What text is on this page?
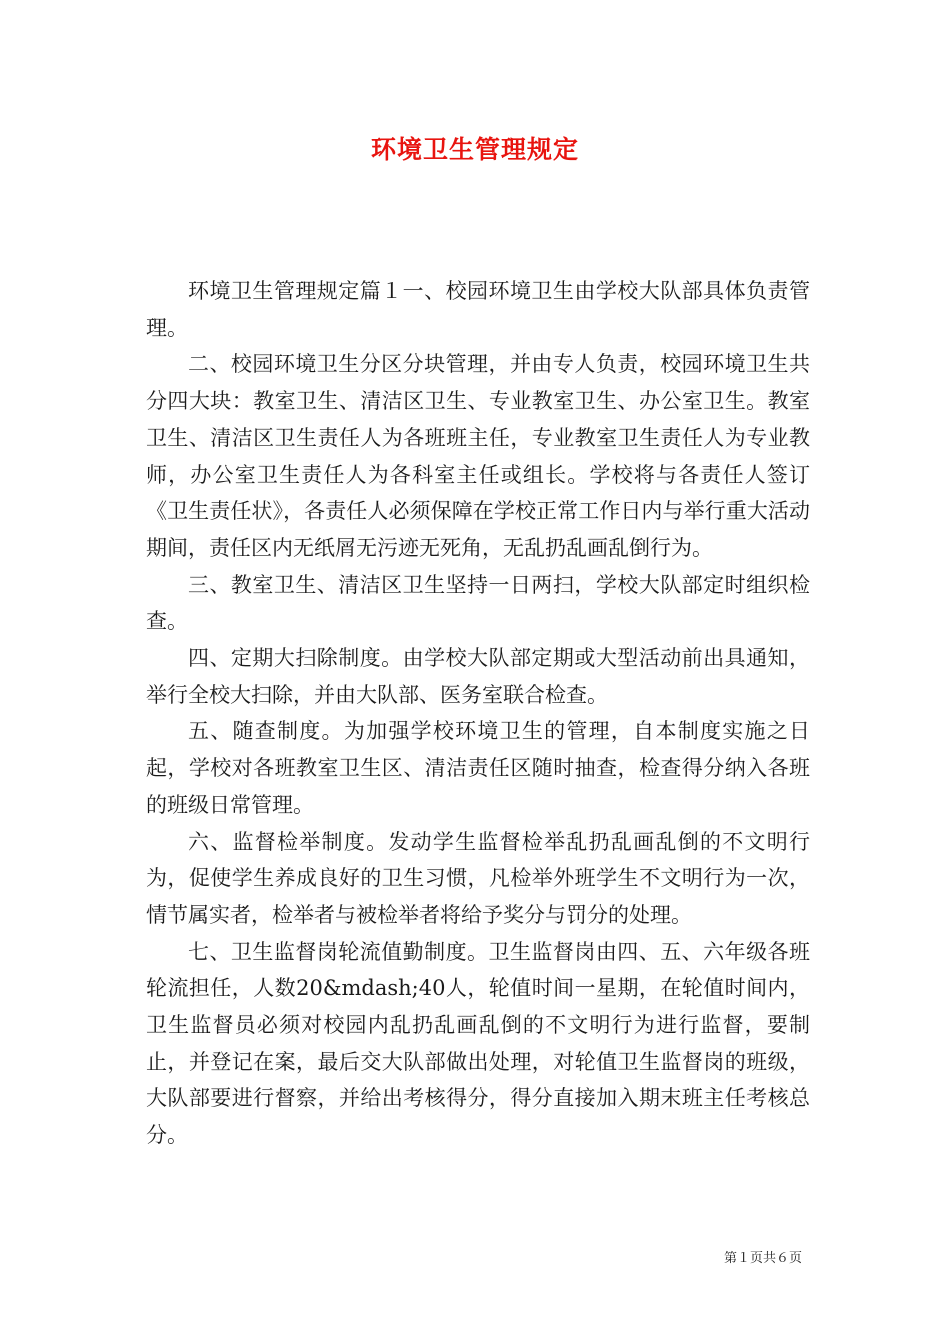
环境卫生管理规定

环境卫生管理规定篇１一、校园环境卫生由学校大队部具体负责管理。

二、校园环境卫生分区分块管理，并由专人负责，校园环境卫生共分四大块：教室卫生、清洁区卫生、专业教室卫生、办公室卫生。教室卫生、清洁区卫生责任人为各班班主任，专业教室卫生责任人为专业教师，办公室卫生责任人为各科室主任或组长。学校将与各责任人签订《卫生责任状》，各责任人必须保障在学校正常工作日内与举行重大活动期间，责任区内无纸屑无污迹无死角，无乱扔乱画乱倒行为。

三、教室卫生、清洁区卫生坚持一日两扫，学校大队部定时组织检查。

四、定期大扫除制度。由学校大队部定期或大型活动前出具通知，举行全校大扫除，并由大队部、医务室联合检查。

五、随查制度。为加强学校环境卫生的管理，自本制度实施之日起，学校对各班教室卫生区、清洁责任区随时抽查，检查得分纳入各班的班级日常管理。

六、监督检举制度。发动学生监督检举乱扔乱画乱倒的不文明行为，促使学生养成良好的卫生习惯，凡检举外班学生不文明行为一次，情节属实者，检举者与被检举者将给予奖分与罚分的处理。

七、卫生监督岗轮流值勤制度。卫生监督岗由四、五、六年级各班轮流担任，人数20&mdash;40人，轮值时间一星期，在轮值时间内，卫生监督员必须对校园内乱扔乱画乱倒的不文明行为进行监督，要制止，并登记在案，最后交大队部做出处理，对轮值卫生监督岗的班级，大队部要进行督察，并给出考核得分，得分直接加入期末班主任考核总分。

第１页共６页
